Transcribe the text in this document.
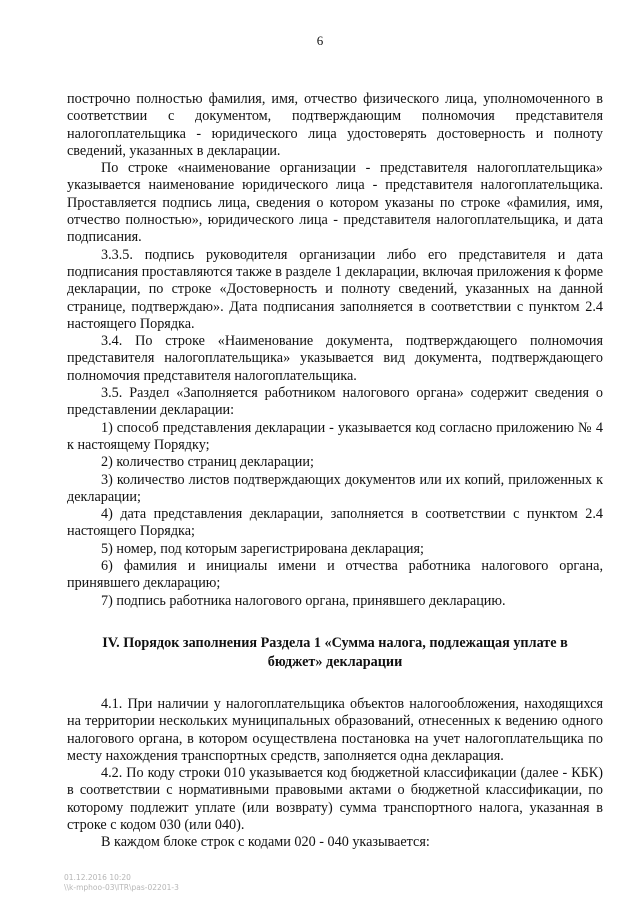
6

построчно полностью фамилия, имя, отчество физического лица, уполномоченного в соответствии с документом, подтверждающим полномочия представителя налогоплательщика - юридического лица удостоверять достоверность и полноту сведений, указанных в декларации.

По строке «наименование организации - представителя налогоплательщика» указывается наименование юридического лица - представителя налогоплательщика. Проставляется подпись лица, сведения о котором указаны по строке «фамилия, имя, отчество полностью», юридического лица - представителя налогоплательщика, и дата подписания.

3.3.5. подпись руководителя организации либо его представителя и дата подписания проставляются также в разделе 1 декларации, включая приложения к форме декларации, по строке «Достоверность и полноту сведений, указанных на данной странице, подтверждаю». Дата подписания заполняется в соответствии с пунктом 2.4 настоящего Порядка.

3.4. По строке «Наименование документа, подтверждающего полномочия представителя налогоплательщика» указывается вид документа, подтверждающего полномочия представителя налогоплательщика.

3.5. Раздел «Заполняется работником налогового органа» содержит сведения о представлении декларации:

1) способ представления декларации - указывается код согласно приложению № 4 к настоящему Порядку;

2) количество страниц декларации;

3) количество листов подтверждающих документов или их копий, приложенных к декларации;

4) дата представления декларации, заполняется в соответствии с пунктом 2.4 настоящего Порядка;

5) номер, под которым зарегистрирована декларация;

6) фамилия и инициалы имени и отчества работника налогового органа, принявшего декларацию;

7) подпись работника налогового органа, принявшего декларацию.

IV. Порядок заполнения Раздела 1 «Сумма налога, подлежащая уплате в бюджет» декларации

4.1. При наличии у налогоплательщика объектов налогообложения, находящихся на территории нескольких муниципальных образований, отнесенных к ведению одного налогового органа, в котором осуществлена постановка на учет налогоплательщика по месту нахождения транспортных средств, заполняется одна декларация.

4.2. По коду строки 010 указывается код бюджетной классификации (далее - КБК) в соответствии с нормативными правовыми актами о бюджетной классификации, по которому подлежит уплате (или возврату) сумма транспортного налога, указанная в строке с кодом 030 (или 040).

В каждом блоке строк с кодами 020 - 040 указывается:

01.12.2016 10:20
\\k-mphoo-03\ITR\pas-02201-3
